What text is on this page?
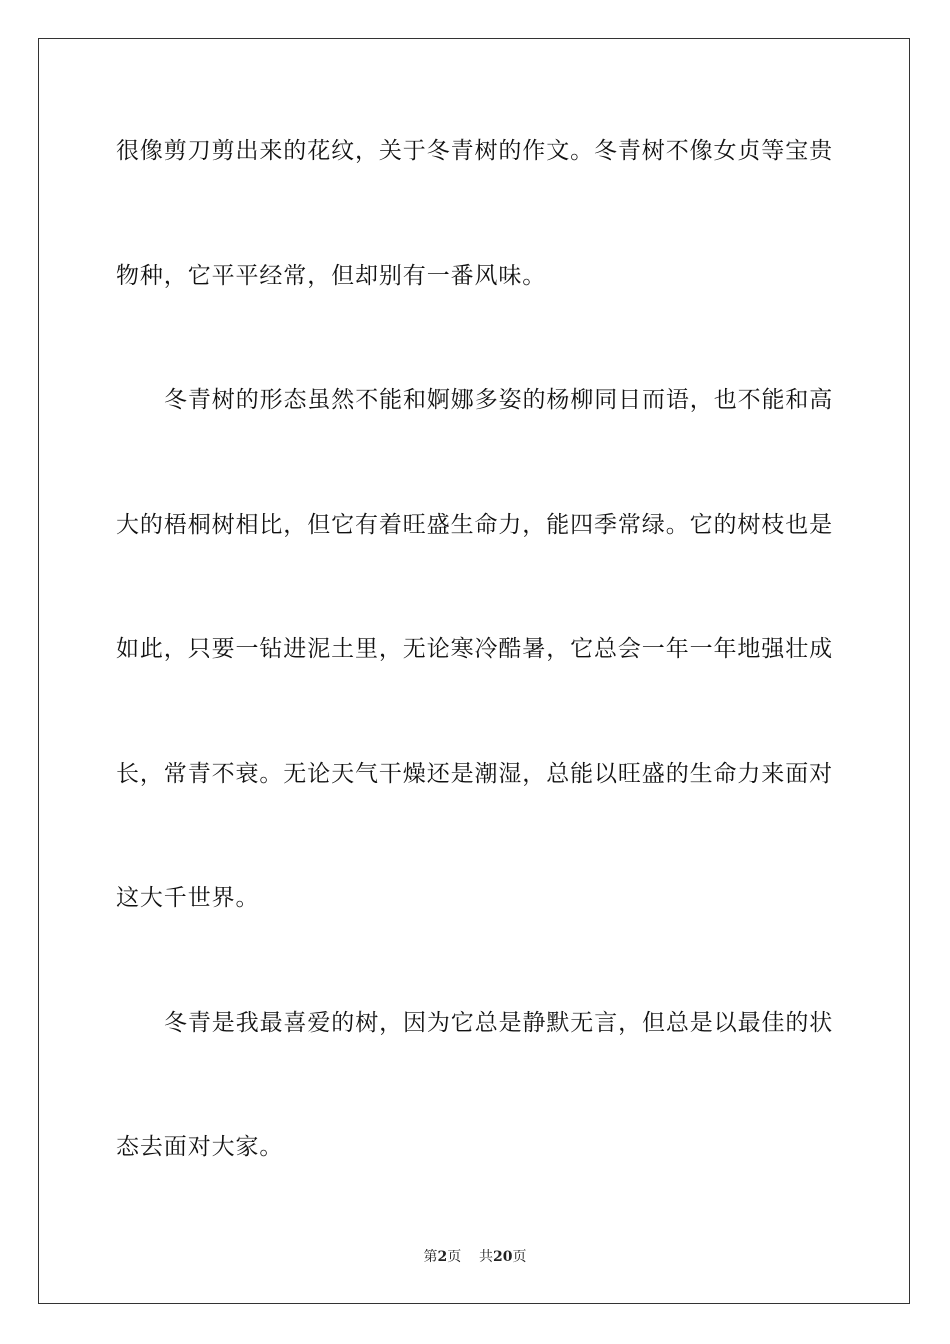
很像剪刀剪出来的花纹，关于冬青树的作文。冬青树不像女贞等宝贵
物种，它平平经常，但却别有一番风味。
冬青树的形态虽然不能和婀娜多姿的杨柳同日而语，也不能和高
大的梧桐树相比，但它有着旺盛生命力，能四季常绿。它的树枝也是
如此，只要一钻进泥土里，无论寒冷酷暑，它总会一年一年地强壮成
长，常青不衰。无论天气干燥还是潮湿，总能以旺盛的生命力来面对
这大千世界。
冬青是我最喜爱的树，因为它总是静默无言，但总是以最佳的状
态去面对大家。
第2页 共20页
